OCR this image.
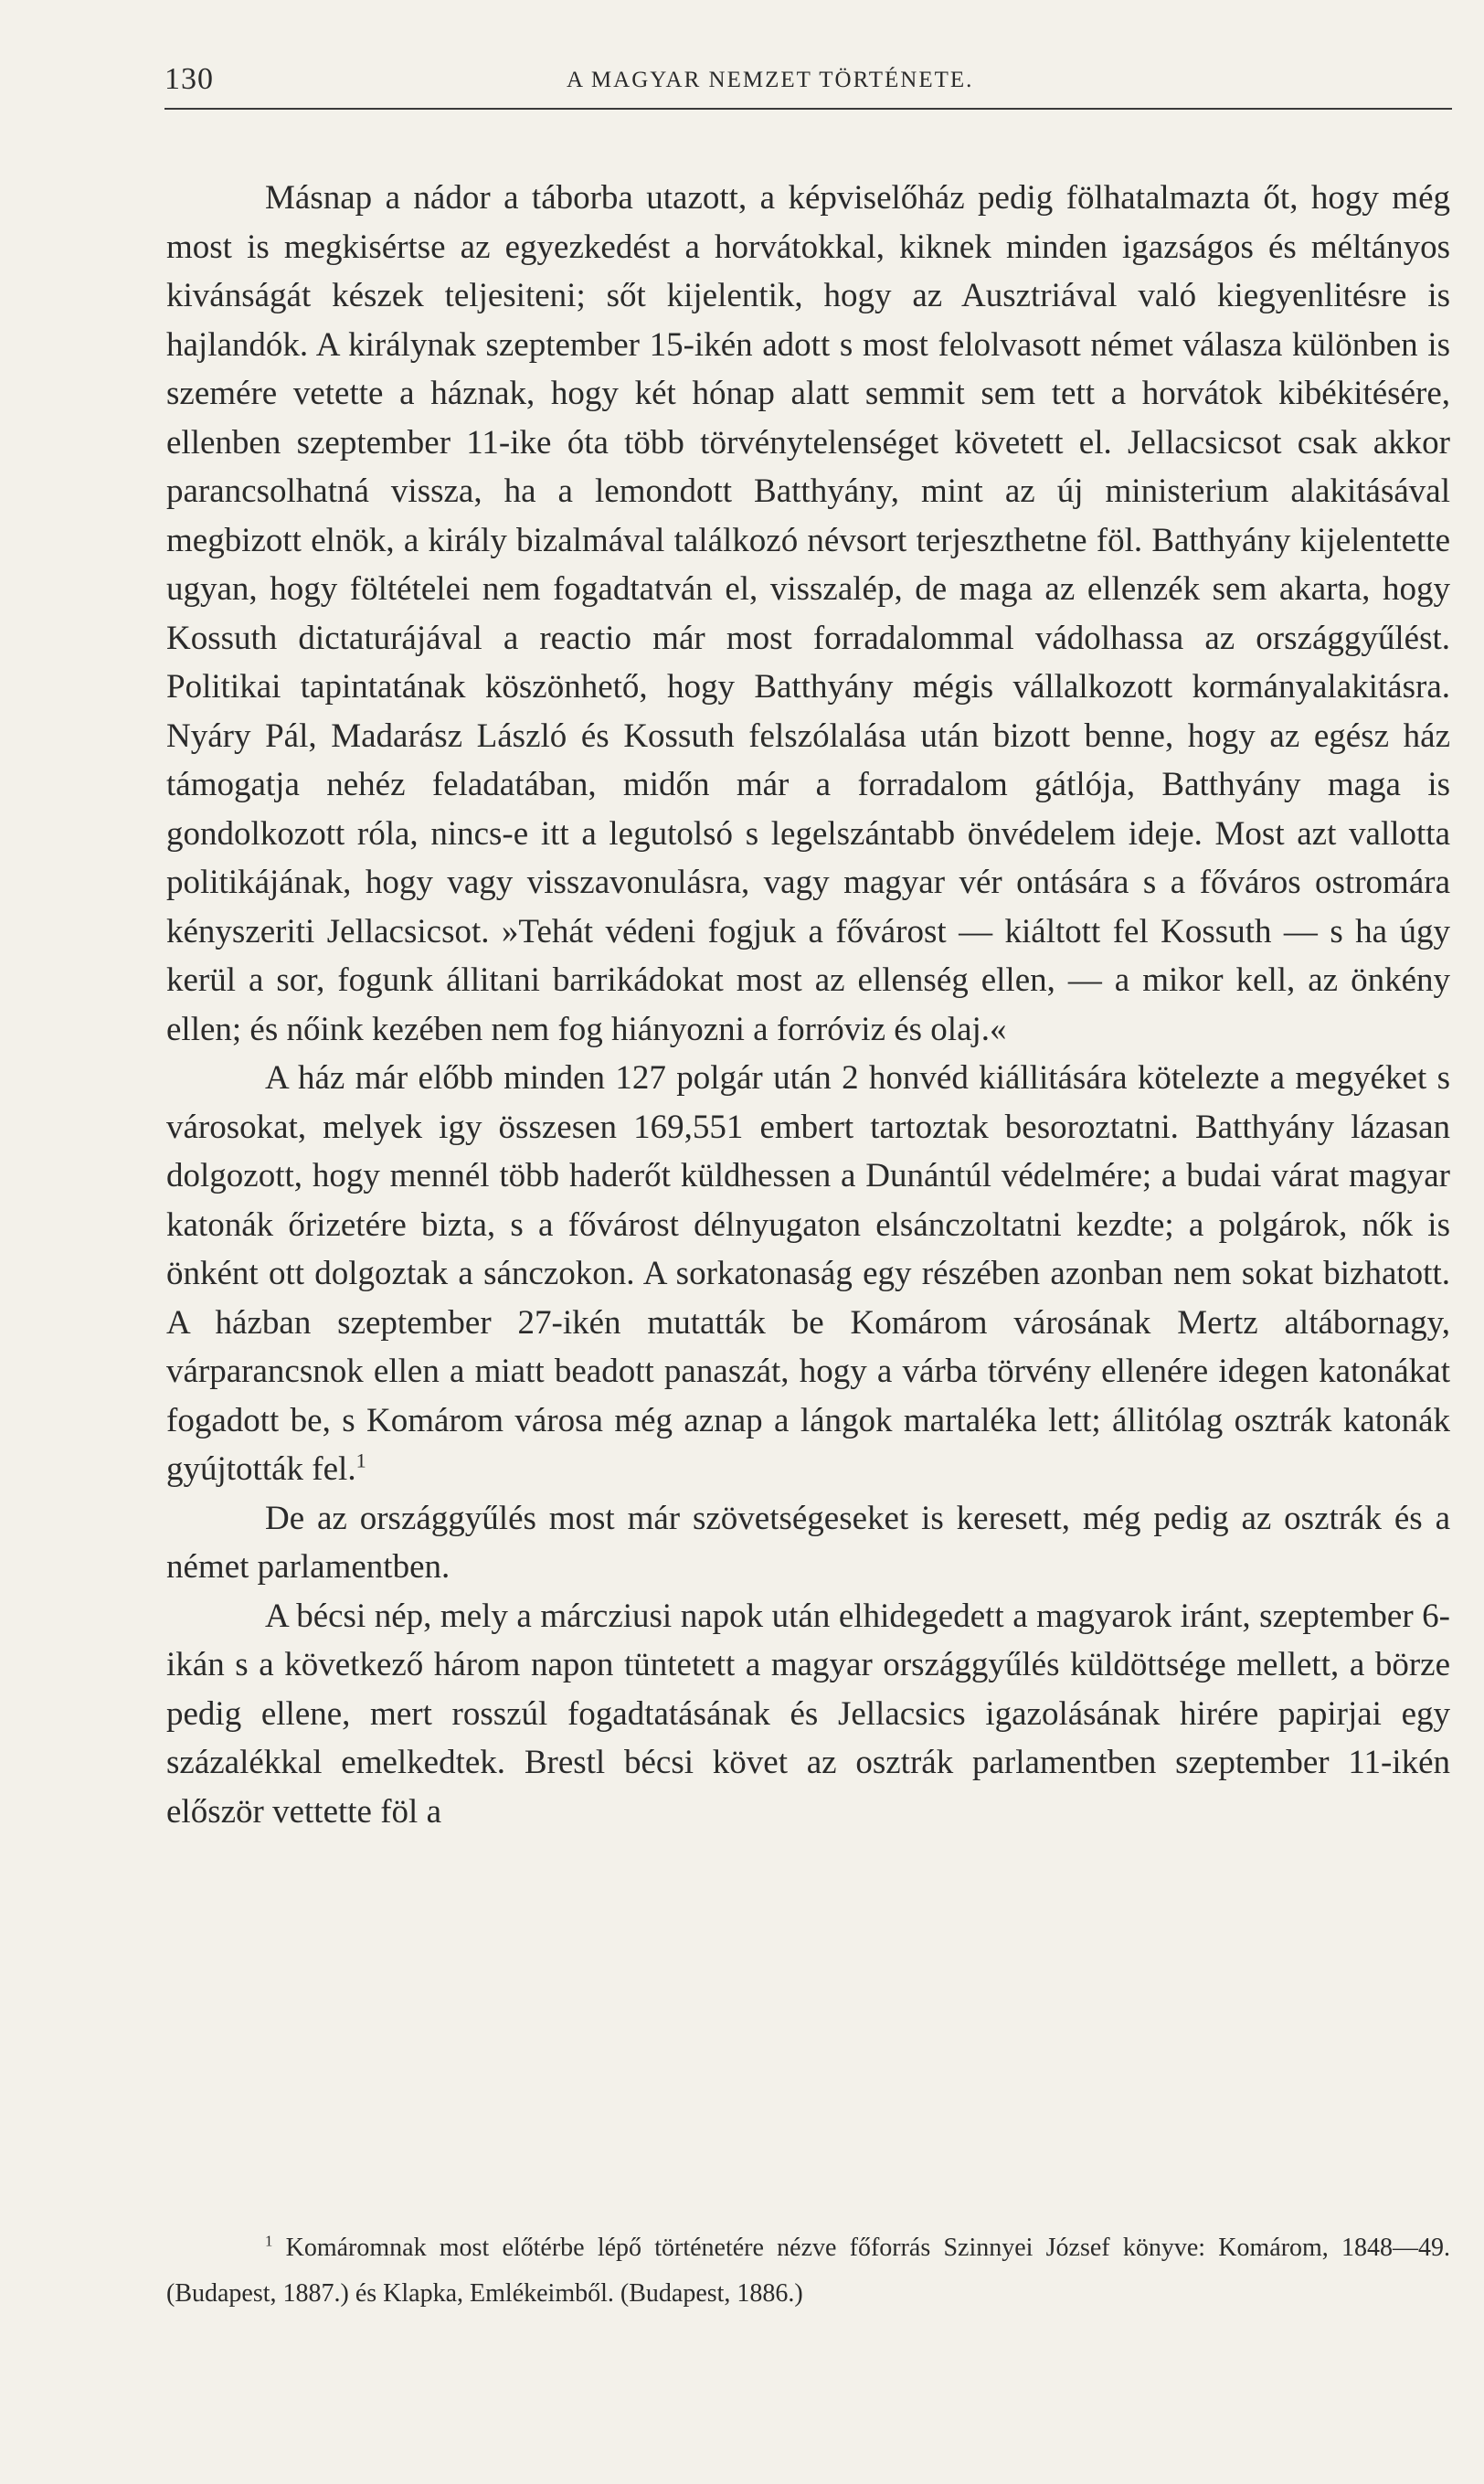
130	A MAGYAR NEMZET TÖRTÉNETE.

Másnap a nádor a táborba utazott, a képviselőház pedig fölhatalmazta őt, hogy még most is megkisértse az egyezkedést a horvátokkal, kiknek minden igazságos és méltányos kivánságát készek teljesiteni; sőt kijelentik, hogy az Ausztriával való kiegyenlitésre is hajlandók. A királynak szeptember 15-ikén adott s most felolvasott német válasza különben is szemére vetette a háznak, hogy két hónap alatt semmit sem tett a horvátok kibékitésére, ellenben szeptember 11-ike óta több törvénytelenséget követett el. Jellacsicsot csak akkor parancsolhatná vissza, ha a lemondott Batthyány, mint az új ministerium alakitásával megbizott elnök, a király bizalmával találkozó névsort terjeszthetne föl. Batthyány kijelentette ugyan, hogy föltételei nem fogadtatván el, visszalép, de maga az ellenzék sem akarta, hogy Kossuth dictaturájával a reactio már most forradalommal vádolhassa az országgyűlést. Politikai tapintatának köszönhető, hogy Batthyány mégis vállalkozott kormányalakitásra. Nyáry Pál, Madarász László és Kossuth felszólalása után bizott benne, hogy az egész ház támogatja nehéz feladatában, midőn már a forradalom gátlója, Batthyány maga is gondolkozott róla, nincs-e itt a legutolsó s legelszántabb önvédelem ideje. Most azt vallotta politikájának, hogy vagy visszavonulásra, vagy magyar vér ontására s a főváros ostromára kényszeriti Jellacsicsot. »Tehát védeni fogjuk a fővárost — kiáltott fel Kossuth — s ha úgy kerül a sor, fogunk állitani barrikádokat most az ellenség ellen, — a mikor kell, az önkény ellen; és nőink kezében nem fog hiányozni a forróviz és olaj.«

A ház már előbb minden 127 polgár után 2 honvéd kiállitására kötelezte a megyéket s városokat, melyek igy összesen 169,551 embert tartoztak besoroztatni. Batthyány lázasan dolgozott, hogy mennél több haderőt küldhessen a Dunántúl védelmére; a budai várat magyar katonák őrizetére bizta, s a fővárost délnyugaton elsánczoltatni kezdte; a polgárok, nők is önként ott dolgoztak a sánczokon. A sorkatonaság egy részében azonban nem sokat bizhatott. A házban szeptember 27-ikén mutatták be Komárom városának Mertz altábornagy, várparancsnok ellen a miatt beadott panaszát, hogy a várba törvény ellenére idegen katonákat fogadott be, s Komárom városa még aznap a lángok martaléka lett; állitólag osztrák katonák gyújtották fel.$^1$

De az országgyűlés most már szövetségeseket is keresett, még pedig az osztrák és a német parlamentben.

A bécsi nép, mely a márcziusi napok után elhidegedett a magyarok iránt, szeptember 6-ikán s a következő három napon tüntetett a magyar országgyűlés küldöttsége mellett, a börze pedig ellene, mert rosszúl fogadtatásának és Jellacsics igazolásának hirére papirjai egy százalékkal emelkedtek. Brestl bécsi követ az osztrák parlamentben szeptember 11-ikén először vettette föl a

$^1$ Komáromnak most előtérbe lépő történetére nézve főforrás Szinnyei József könyve: Komárom, 1848—49. (Budapest, 1887.) és Klapka, Emlékeimből. (Budapest, 1886.)
